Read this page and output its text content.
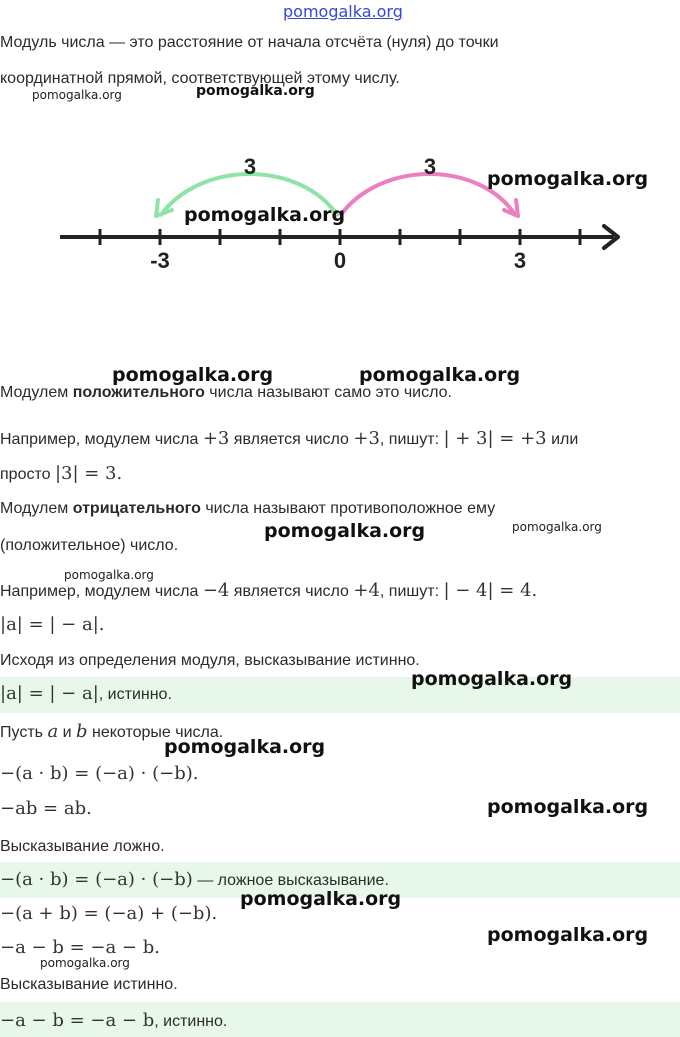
pomogalka.org
Модуль числа — это расстояние от начала отсчёта (нуля) до точки
координатной прямой, соответствующей этому числу.
-3	0	3
3	3
Модулем положительного числа называют само это число.
Например, модулем числа +3 является число +3, пишут: | + 3| = +3 или
просто |3| = 3.
Модулем отрицательного числа называют противоположное ему
(положительное) число.
Например, модулем числа −4 является число +4, пишут: | − 4| = 4.
|a| = | − a|.
Исходя из определения модуля, высказывание истинно.
|a| = | − a|, истинно.
Пусть a и b некоторые числа.
−(a · b) = (−a) · (−b).
−ab = ab.
Высказывание ложно.
−(a · b) = (−a) · (−b) — ложное высказывание.
−(a + b) = (−a) + (−b).
−a − b = −a − b.
Высказывание истинно.
−a − b = −a − b, истинно.
pomogalka.org	pomogalka.org
pomogalka.org
pomogalka.org
pomogalka.org	pomogalka.org
pomogalka.org
pomogalka.org
pomogalka.org
pomogalka.org
pomogalka.org
pomogalka.org
pomogalka.org
pomogalka.org
pomogalka.org
